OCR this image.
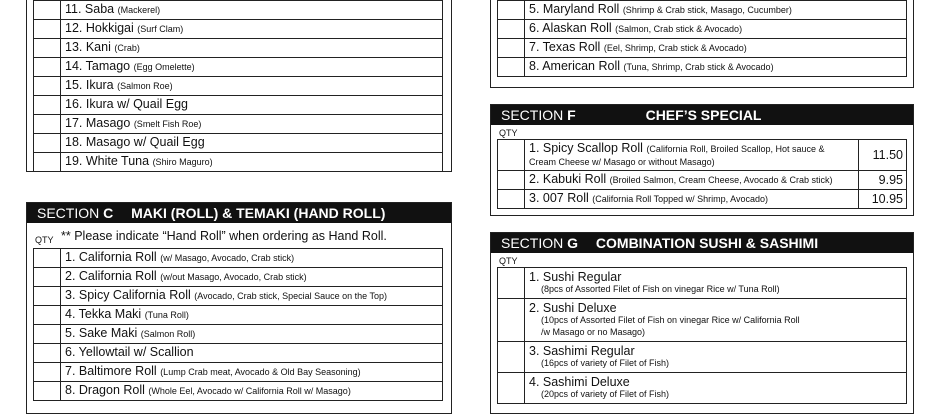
	11. Saba (Mackerel)
	12. Hokkigai (Surf Clam)
	13. Kani (Crab)
	14. Tamago (Egg Omelette)
	15. Ikura (Salmon Roe)
	16. Ikura w/ Quail Egg
	17. Masago (Smelt Fish Roe)
	18. Masago w/ Quail Egg
	19. White Tuna (Shiro Maguro)
SECTION C MAKI (ROLL) & TEMAKI (HAND ROLL)
QTY ** Please indicate “Hand Roll” when ordering as Hand Roll.
	1. California Roll (w/ Masago, Avocado, Crab stick)
	2. California Roll (w/out Masago, Avocado, Crab stick)
	3. Spicy California Roll (Avocado, Crab stick, Special Sauce on the Top)
	4. Tekka Maki (Tuna Roll)
	5. Sake Maki (Salmon Roll)
	6. Yellowtail w/ Scallion
	7. Baltimore Roll (Lump Crab meat, Avocado & Old Bay Seasoning)
	8. Dragon Roll (Whole Eel, Avocado w/ California Roll w/ Masago)
	5. Maryland Roll (Shrimp & Crab stick, Masago, Cucumber)
	6. Alaskan Roll (Salmon, Crab stick & Avocado)
	7. Texas Roll (Eel, Shrimp, Crab stick & Avocado)
	8. American Roll (Tuna, Shrimp, Crab stick & Avocado)
SECTION F	CHEF’S SPECIAL
QTY
	1. Spicy Scallop Roll (California Roll, Broiled Scallop, Hot sauce &
Cream Cheese w/ Masago or without Masago)	11.50
	2. Kabuki Roll (Broiled Salmon, Cream Cheese, Avocado & Crab stick)	9.95
	3. 007 Roll (California Roll Topped w/ Shrimp, Avocado)	10.95
SECTION G COMBINATION SUSHI & SASHIMI
QTY

	1. Sushi Regular
(8pcs of Assorted Filet of Fish on vinegar Rice w/ Tuna Roll)

	2. Sushi Deluxe
(10pcs of Assorted Filet of Fish on vinegar Rice w/ California Roll
/w Masago or no Masago)

	3. Sashimi Regular
(16pcs of variety of Filet of Fish)

	4. Sashimi Deluxe
(20pcs of variety of Filet of Fish)
